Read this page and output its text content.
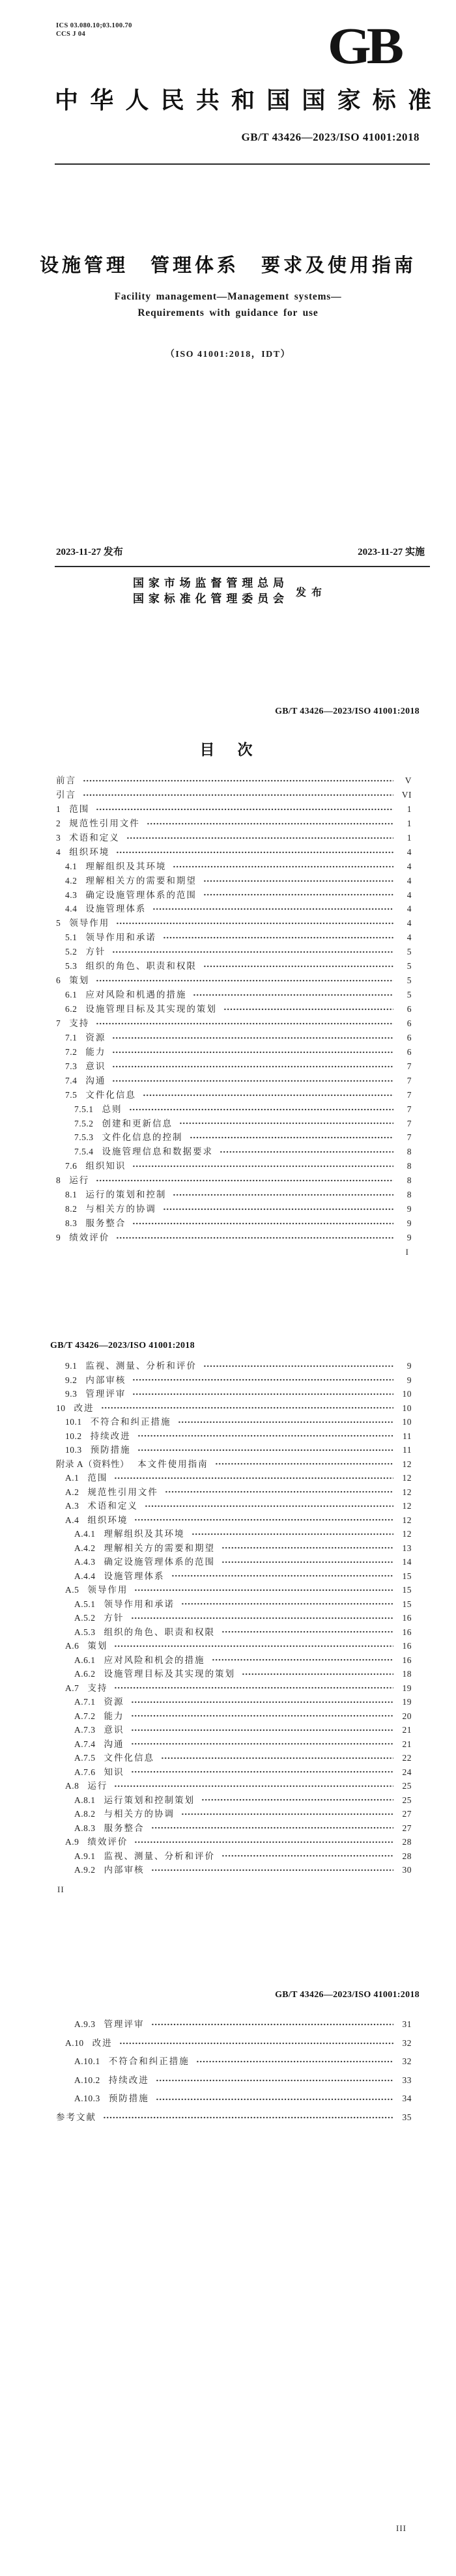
ICS 03.080.10;03.100.70
CCS J 04	GB
中华人民共和国国家标准
GB/T 43426—2023/ISO 41001:2018
设施管理　管理体系　要求及使用指南
Facility management—Management systems—
Requirements with guidance for use
（ISO 41001:2018，IDT）
2023-11-27 发布	2023-11-27 实施
国家市场监督管理总局
国家标准化管理委员会 发 布
GB/T 43426—2023/ISO 41001:2018
目　次
前言	V
引言	VI
1 范围	1
2 规范性引用文件	1
3 术语和定义	1
4 组织环境	4
4.1 理解组织及其环境	4
4.2 理解相关方的需要和期望	4
4.3 确定设施管理体系的范围	4
4.4 设施管理体系	4
5 领导作用	4
5.1 领导作用和承诺	4
5.2 方针	5
5.3 组织的角色、职责和权限	5
6 策划	5
6.1 应对风险和机遇的措施	5
6.2 设施管理目标及其实现的策划	6
7 支持	6
7.1 资源	6
7.2 能力	6
7.3 意识	7
7.4 沟通	7
7.5 文件化信息	7
7.5.1 总则	7
7.5.2 创建和更新信息	7
7.5.3 文件化信息的控制	7
7.5.4 设施管理信息和数据要求	8
7.6 组织知识	8
8 运行	8
8.1 运行的策划和控制	8
8.2 与相关方的协调	9
8.3 服务整合	9
9 绩效评价	9
I
GB/T 43426—2023/ISO 41001:2018
9.1 监视、测量、分析和评价	9
9.2 内部审核	9
9.3 管理评审	10
10 改进	10
10.1 不符合和纠正措施	10
10.2 持续改进	11
10.3 预防措施	11
附录 A（资料性） 本文件使用指南	12
A.1 范围	12
A.2 规范性引用文件	12
A.3 术语和定义	12
A.4 组织环境	12
A.4.1 理解组织及其环境	12
A.4.2 理解相关方的需要和期望	13
A.4.3 确定设施管理体系的范围	14
A.4.4 设施管理体系	15
A.5 领导作用	15
A.5.1 领导作用和承诺	15
A.5.2 方针	16
A.5.3 组织的角色、职责和权限	16
A.6 策划	16
A.6.1 应对风险和机会的措施	16
A.6.2 设施管理目标及其实现的策划	18
A.7 支持	19
A.7.1 资源	19
A.7.2 能力	20
A.7.3 意识	21
A.7.4 沟通	21
A.7.5 文件化信息	22
A.7.6 知识	24
A.8 运行	25
A.8.1 运行策划和控制策划	25
A.8.2 与相关方的协调	27
A.8.3 服务整合	27
A.9 绩效评价	28
A.9.1 监视、测量、分析和评价	28
A.9.2 内部审核	30
II
GB/T 43426—2023/ISO 41001:2018
A.9.3 管理评审	31
A.10 改进	32
A.10.1 不符合和纠正措施	32
A.10.2 持续改进	33
A.10.3 预防措施	34
参考文献	35
III
